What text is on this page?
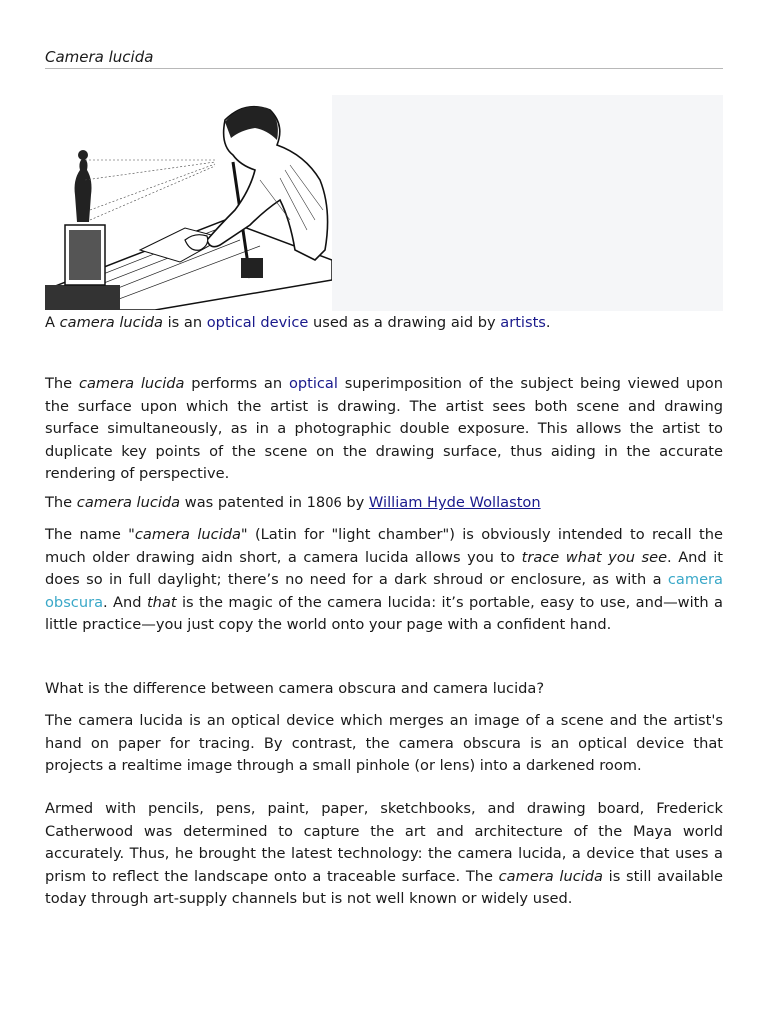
Camera lucida

A camera lucida is an optical device used as a drawing aid by artists.

The camera lucida performs an optical superimposition of the subject being viewed upon the surface upon which the artist is drawing. The artist sees both scene and drawing surface simultaneously, as in a photographic double exposure. This allows the artist to duplicate key points of the scene on the drawing surface, thus aiding in the accurate rendering of perspective.

The camera lucida was patented in 1806 by William Hyde Wollaston

The name "camera lucida" (Latin for "light chamber") is obviously intended to recall the much older drawing aidn short, a camera lucida allows you to trace what you see. And it does so in full daylight; there’s no need for a dark shroud or enclosure, as with a camera obscura. And that is the magic of the camera lucida: it’s portable, easy to use, and—with a little practice—you just copy the world onto your page with a confident hand.

What is the difference between camera obscura and camera lucida?

The camera lucida is an optical device which merges an image of a scene and the artist's hand on paper for tracing. By contrast, the camera obscura is an optical device that projects a realtime image through a small pinhole (or lens) into a darkened room.

Armed with pencils, pens, paint, paper, sketchbooks, and drawing board, Frederick Catherwood was determined to capture the art and architecture of the Maya world accurately. Thus, he brought the latest technology: the camera lucida, a device that uses a prism to reflect the landscape onto a traceable surface. The camera lucida is still available today through art-supply channels but is not well known or widely used.
